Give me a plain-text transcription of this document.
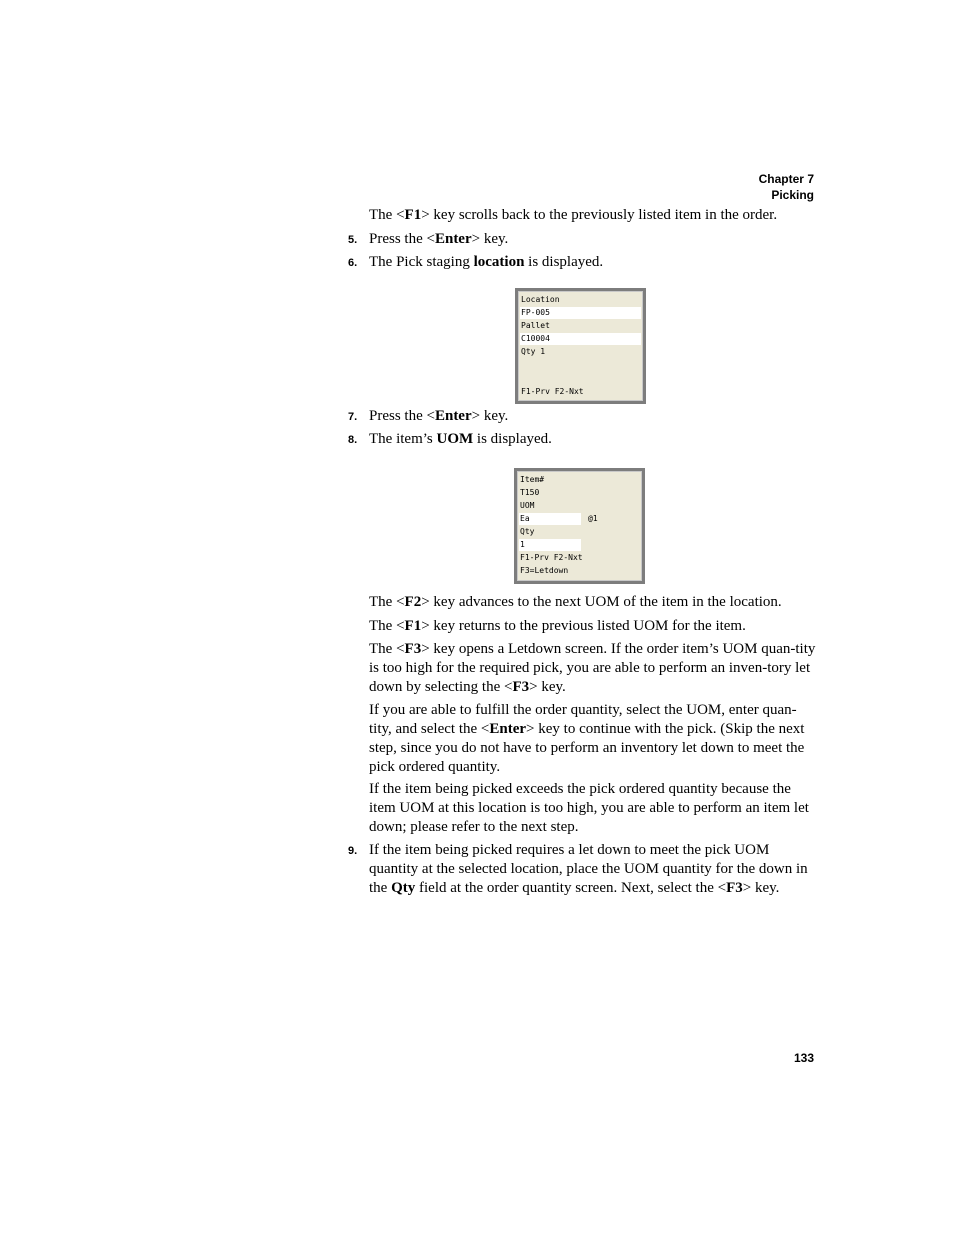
Chapter 7
Picking
The <F1> key scrolls back to the previously listed item in the order.
5. Press the <Enter> key.
6. The Pick staging location is displayed.
Location
FP-005
Pallet
C10004
Qty 1
F1-Prv F2-Nxt
7. Press the <Enter> key.
8. The item’s UOM is displayed.
Item#
T150
UOM
Ea	@1
Qty
1
F1-Prv F2-Nxt
F3=Letdown
The <F2> key advances to the next UOM of the item in the location.
The <F1> key returns to the previous listed UOM for the item.
The <F3> key opens a Letdown screen. If the order item’s UOM quan-tity is too high for the required pick, you are able to perform an inven-tory let down by selecting the <F3> key.
If you are able to fulfill the order quantity, select the UOM, enter quan-tity, and select the <Enter> key to continue with the pick. (Skip the next step, since you do not have to perform an inventory let down to meet the pick ordered quantity.
If the item being picked exceeds the pick ordered quantity because the item UOM at this location is too high, you are able to perform an item let down; please refer to the next step.
9. If the item being picked requires a let down to meet the pick UOM quantity at the selected location, place the UOM quantity for the down in the Qty field at the order quantity screen. Next, select the <F3> key.
133
